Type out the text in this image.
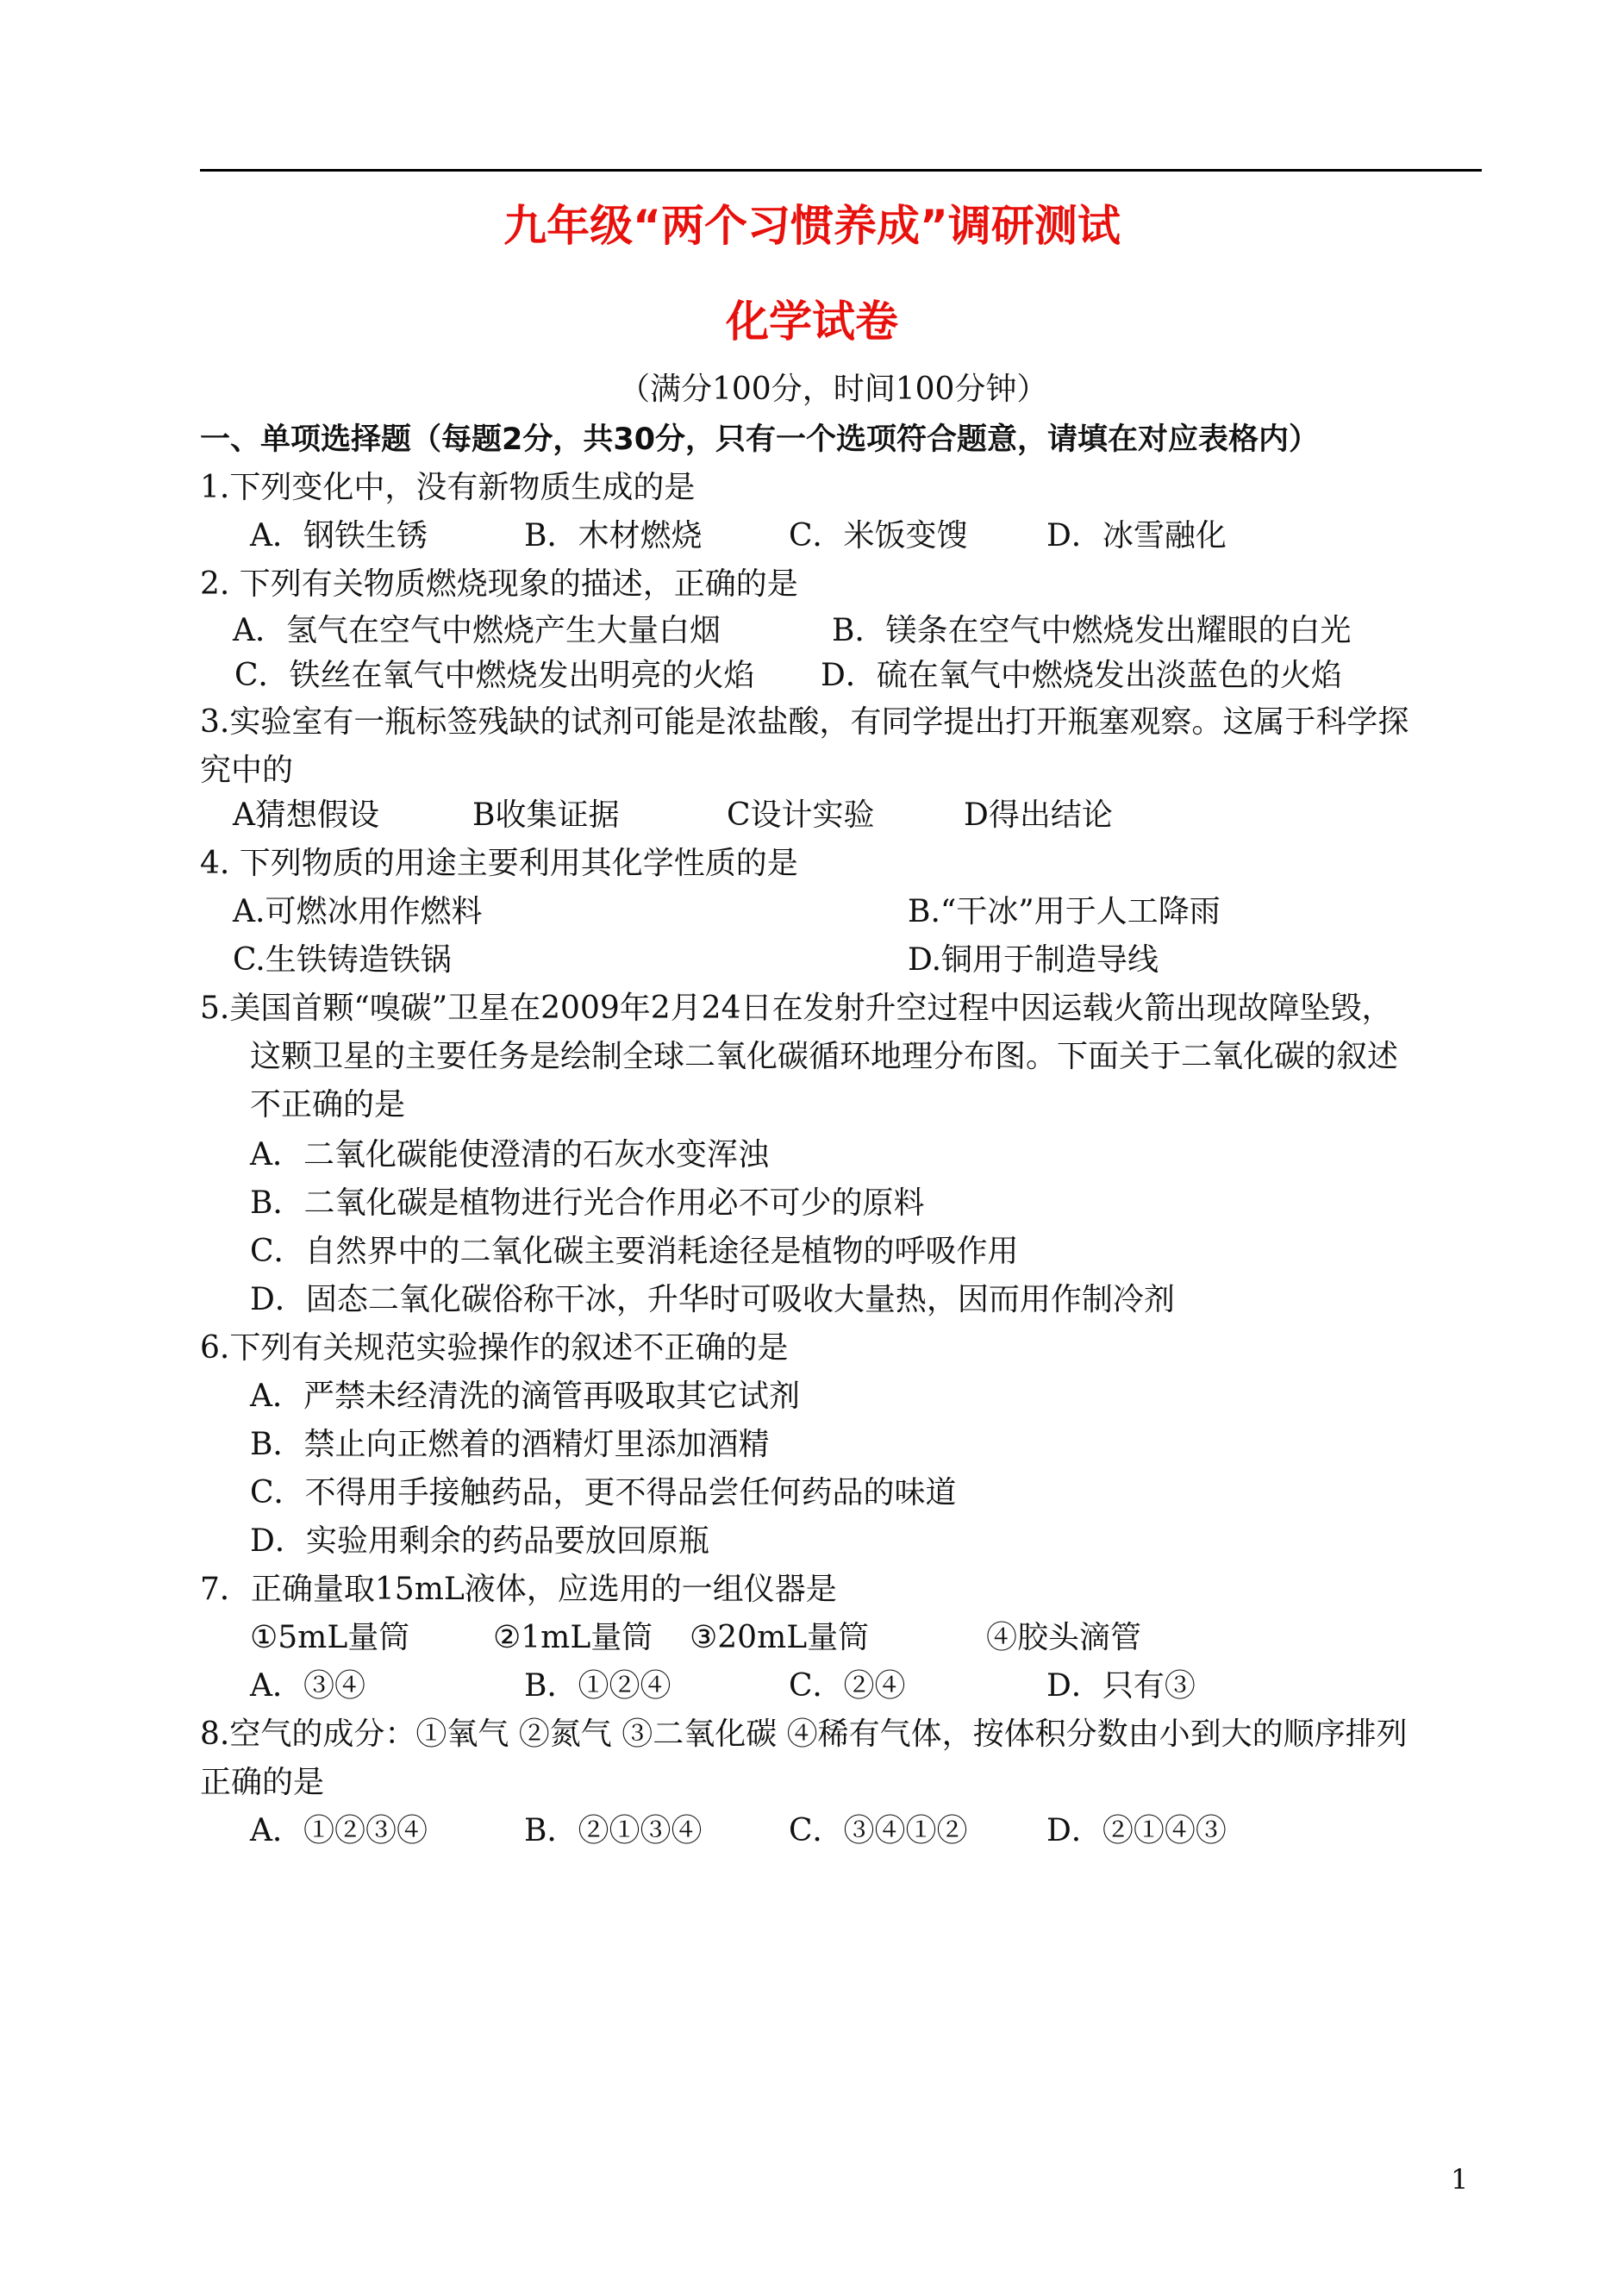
九年级“两个习惯养成”调研测试
化学试卷
（满分100分，时间100分钟）
一、单项选择题（每题2分，共30分，只有一个选项符合题意，请填在对应表格内）
1.下列变化中，没有新物质生成的是
A．钢铁生锈	B．木材燃烧	C．米饭变馊	D．冰雪融化
2. 下列有关物质燃烧现象的描述，正确的是
A．氢气在空气中燃烧产生大量白烟	B．镁条在空气中燃烧发出耀眼的白光
C．铁丝在氧气中燃烧发出明亮的火焰 D．硫在氧气中燃烧发出淡蓝色的火焰
3.实验室有一瓶标签残缺的试剂可能是浓盐酸，有同学提出打开瓶塞观察。这属于科学探
究中的
A猜想假设	B收集证据	C设计实验	D得出结论
4. 下列物质的用途主要利用其化学性质的是
A.可燃冰用作燃料	B.“干冰”用于人工降雨
C.生铁铸造铁锅	D.铜用于制造导线
5.美国首颗“嗅碳”卫星在2009年2月24日在发射升空过程中因运载火箭出现故障坠毁，
这颗卫星的主要任务是绘制全球二氧化碳循环地理分布图。下面关于二氧化碳的叙述
不正确的是
A．二氧化碳能使澄清的石灰水变浑浊
B．二氧化碳是植物进行光合作用必不可少的原料
C．自然界中的二氧化碳主要消耗途径是植物的呼吸作用
D．固态二氧化碳俗称干冰，升华时可吸收大量热，因而用作制冷剂
6.下列有关规范实验操作的叙述不正确的是
A．严禁未经清洗的滴管再吸取其它试剂
B．禁止向正燃着的酒精灯里添加酒精
C．不得用手接触药品，更不得品尝任何药品的味道
D．实验用剩余的药品要放回原瓶
7．正确量取15mL液体，应选用的一组仪器是
①5mL量筒	②1mL量筒 ③20mL量筒	④胶头滴管
A．③④	B．①②④	C．②④	D．只有③
8.空气的成分：①氧气 ②氮气 ③二氧化碳 ④稀有气体，按体积分数由小到大的顺序排列
正确的是
A．①②③④	B．②①③④	C．③④①②	D．②①④③
1
